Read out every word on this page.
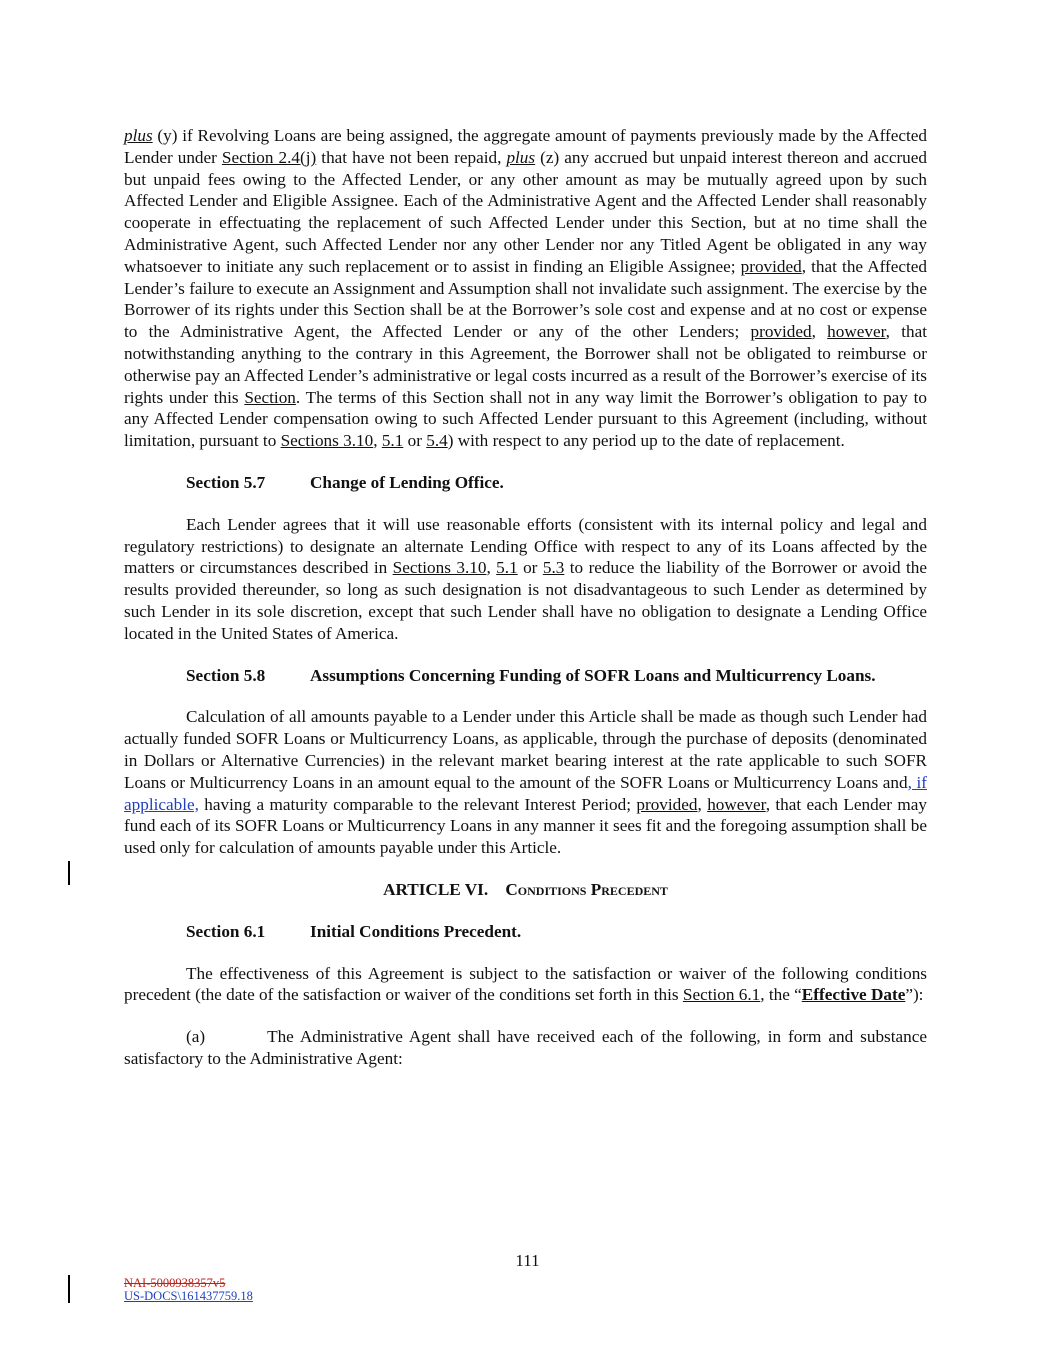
plus (y) if Revolving Loans are being assigned, the aggregate amount of payments previously made by the Affected Lender under Section 2.4(j) that have not been repaid, plus (z) any accrued but unpaid interest thereon and accrued but unpaid fees owing to the Affected Lender, or any other amount as may be mutually agreed upon by such Affected Lender and Eligible Assignee. Each of the Administrative Agent and the Affected Lender shall reasonably cooperate in effectuating the replacement of such Affected Lender under this Section, but at no time shall the Administrative Agent, such Affected Lender nor any other Lender nor any Titled Agent be obligated in any way whatsoever to initiate any such replacement or to assist in finding an Eligible Assignee; provided, that the Affected Lender’s failure to execute an Assignment and Assumption shall not invalidate such assignment. The exercise by the Borrower of its rights under this Section shall be at the Borrower’s sole cost and expense and at no cost or expense to the Administrative Agent, the Affected Lender or any of the other Lenders; provided, however, that notwithstanding anything to the contrary in this Agreement, the Borrower shall not be obligated to reimburse or otherwise pay an Affected Lender’s administrative or legal costs incurred as a result of the Borrower’s exercise of its rights under this Section. The terms of this Section shall not in any way limit the Borrower’s obligation to pay to any Affected Lender compensation owing to such Affected Lender pursuant to this Agreement (including, without limitation, pursuant to Sections 3.10, 5.1 or 5.4) with respect to any period up to the date of replacement.

Section 5.7	Change of Lending Office.

Each Lender agrees that it will use reasonable efforts (consistent with its internal policy and legal and regulatory restrictions) to designate an alternate Lending Office with respect to any of its Loans affected by the matters or circumstances described in Sections 3.10, 5.1 or 5.3 to reduce the liability of the Borrower or avoid the results provided thereunder, so long as such designation is not disadvantageous to such Lender as determined by such Lender in its sole discretion, except that such Lender shall have no obligation to designate a Lending Office located in the United States of America.

Section 5.8	Assumptions Concerning Funding of SOFR Loans and Multicurrency Loans.

Calculation of all amounts payable to a Lender under this Article shall be made as though such Lender had actually funded SOFR Loans or Multicurrency Loans, as applicable, through the purchase of deposits (denominated in Dollars or Alternative Currencies) in the relevant market bearing interest at the rate applicable to such SOFR Loans or Multicurrency Loans in an amount equal to the amount of the SOFR Loans or Multicurrency Loans and, if applicable, having a maturity comparable to the relevant Interest Period; provided, however, that each Lender may fund each of its SOFR Loans or Multicurrency Loans in any manner it sees fit and the foregoing assumption shall be used only for calculation of amounts payable under this Article.

ARTICLE VI. Conditions Precedent
Section 6.1	Initial Conditions Precedent.

The effectiveness of this Agreement is subject to the satisfaction or waiver of the following conditions precedent (the date of the satisfaction or waiver of the conditions set forth in this Section 6.1, the “Effective Date”):

(a)	The Administrative Agent shall have received each of the following, in form and substance satisfactory to the Administrative Agent:

111
NAI-5000938357v5
US-DOCS\161437759.18
